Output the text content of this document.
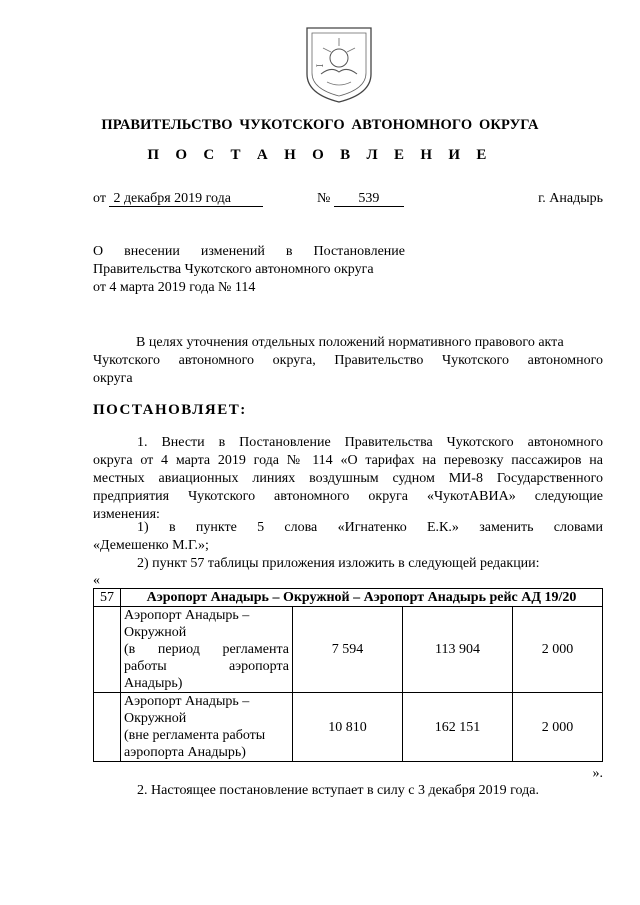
ꟷ
ПРАВИТЕЛЬСТВО ЧУКОТСКОГО АВТОНОМНОГО ОКРУГА
П О С Т А Н О В Л Е Н И Е
от 2 декабря 2019 года	№ 539	г. Анадырь
О внесении изменений в Постановление
Правительства Чукотского автономного округа
от 4 марта 2019 года № 114
В целях уточнения отдельных положений нормативного правового акта
Чукотского автономного округа, Правительство Чукотского автономного
округа
ПОСТАНОВЛЯЕТ:
1. Внести в Постановление Правительства Чукотского автономного
округа от 4 марта 2019 года № 114 «О тарифах на перевозку пассажиров на
местных авиационных линиях воздушным судном МИ-8 Государственного
предприятия Чукотского автономного округа «ЧукотАВИА» следующие
изменения:
1) в пункте 5 слова «Игнатенко Е.К.» заменить словами
«Демешенко М.Г.»;
2) пункт 57 таблицы приложения изложить в следующей редакции:
«
57	Аэропорт Анадырь – Окружной – Аэропорт Анадырь рейс АД 19/20			

	Аэропорт Анадырь –
Окружной
(в период регламента
работы аэропорта
Анадырь)	7 594	113 904	2 000

	Аэропорт Анадырь –
Окружной
(вне регламента работы
аэропорта Анадырь)	10 810	162 151	2 000
».
2. Настоящее постановление вступает в силу с 3 декабря 2019 года.
